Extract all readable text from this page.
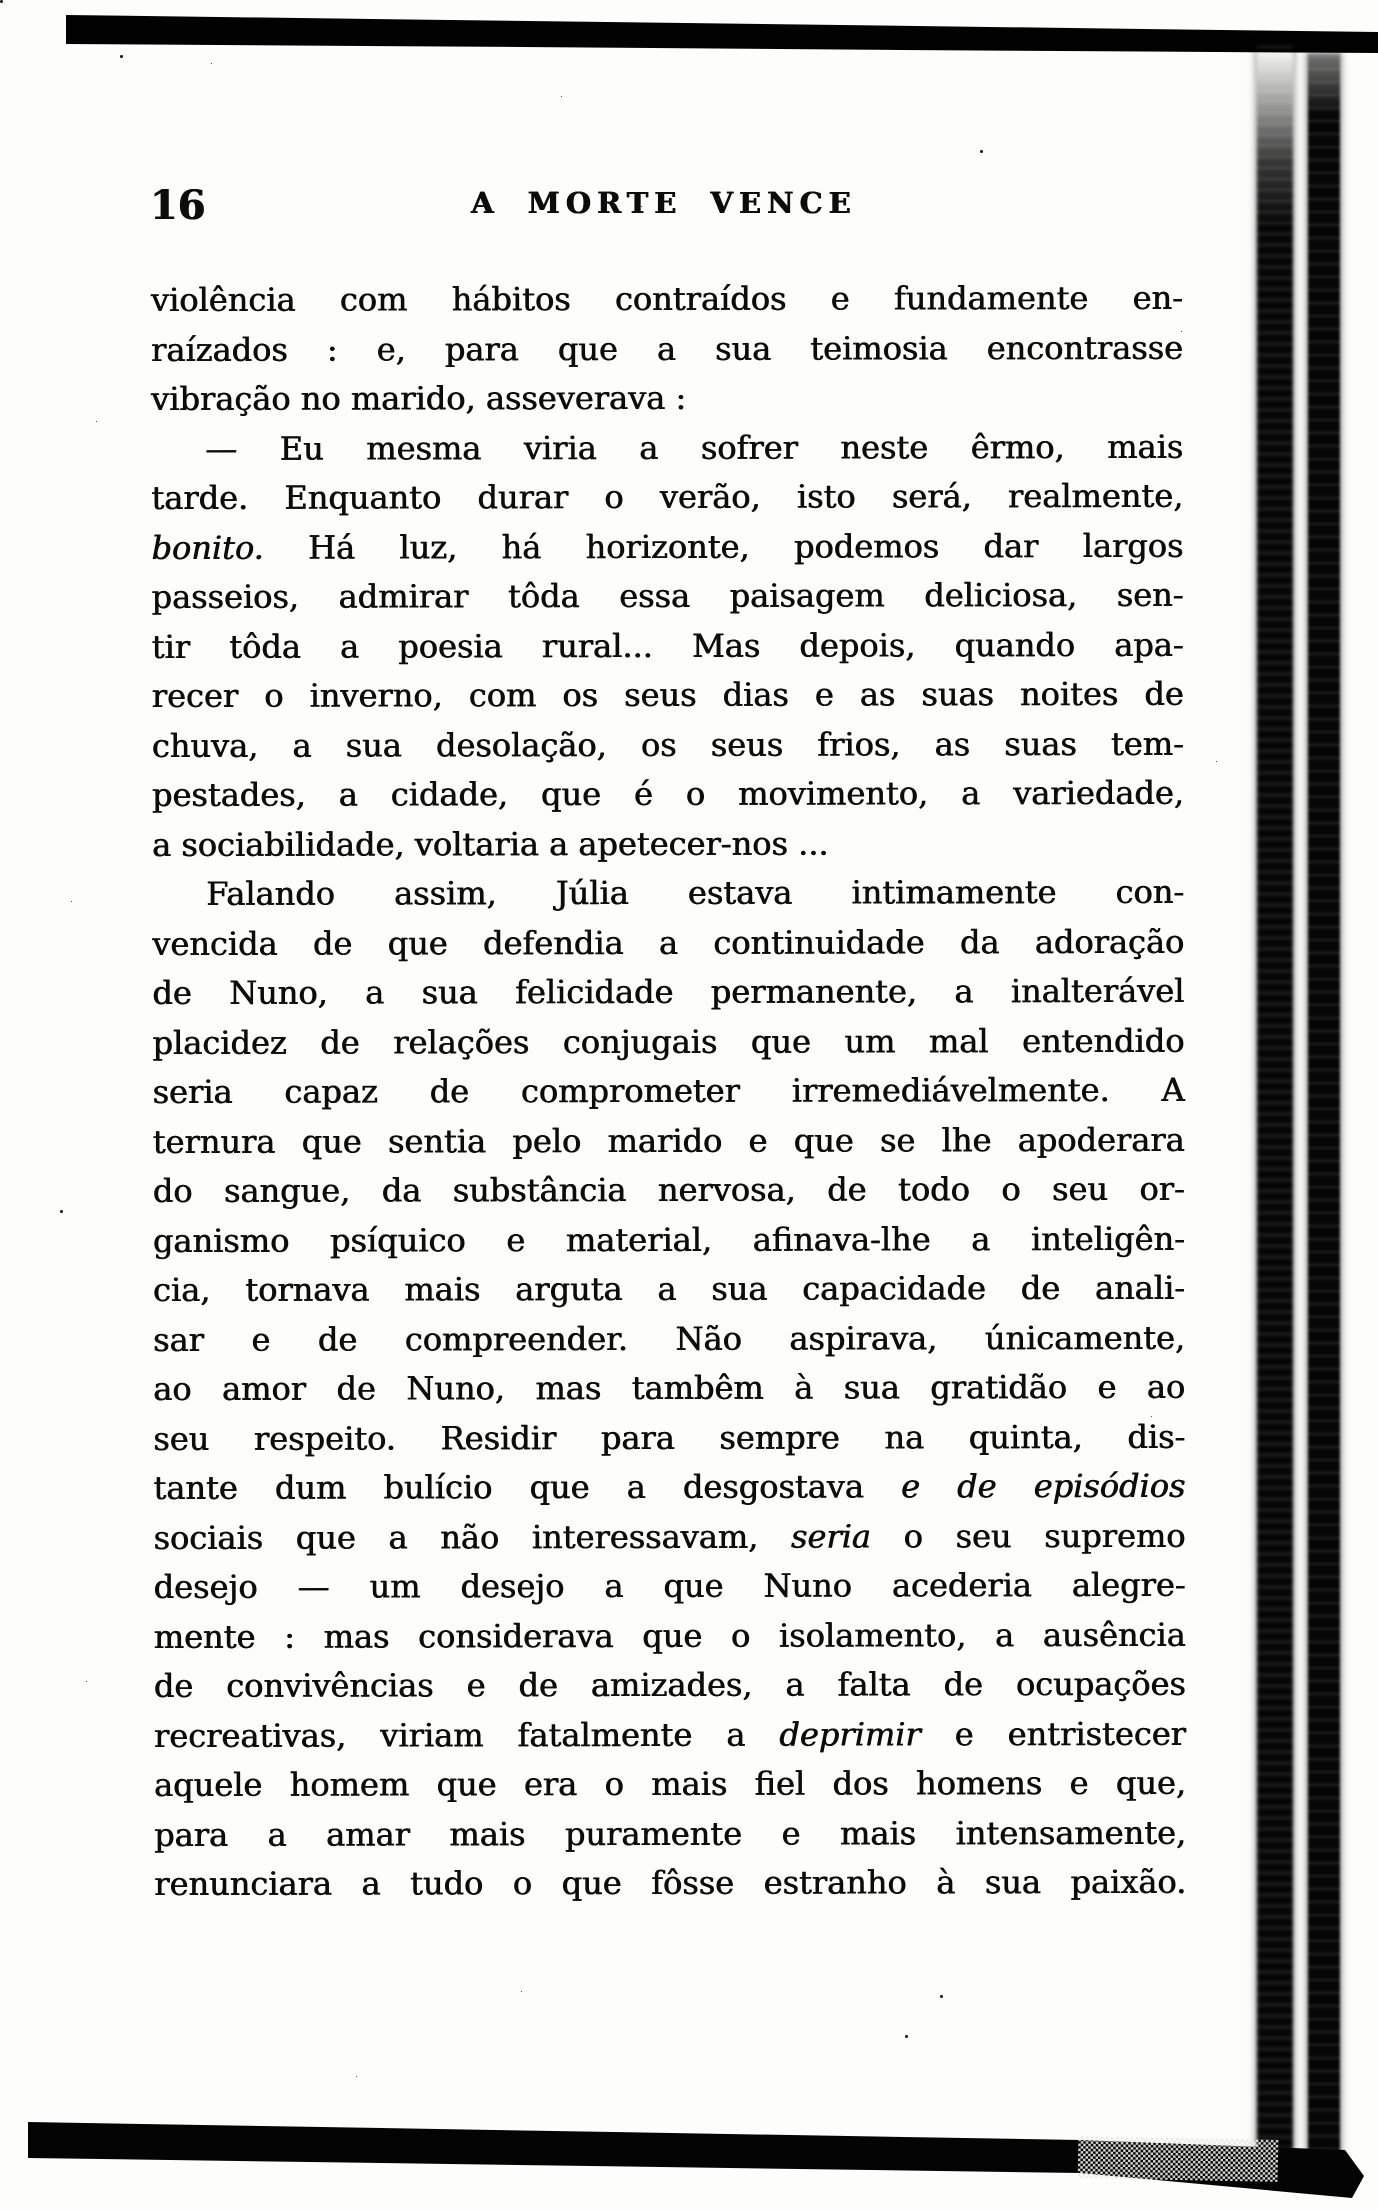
16	A MORTE VENCE
violência com hábitos contraídos e fundamente en-
raízados : e, para que a sua teimosia encontrasse
vibração no marido, asseverava :
— Eu mesma viria a sofrer neste êrmo, mais
tarde. Enquanto durar o verão, isto será, realmente,
bonito. Há luz, há horizonte, podemos dar largos
passeios, admirar tôda essa paisagem deliciosa, sen-
tir tôda a poesia rural... Mas depois, quando apa-
recer o inverno, com os seus dias e as suas noites de
chuva, a sua desolação, os seus frios, as suas tem-
pestades, a cidade, que é o movimento, a variedade,
a sociabilidade, voltaria a apetecer-nos ...
Falando assim, Júlia estava intimamente con-
vencida de que defendia a continuidade da adoração
de Nuno, a sua felicidade permanente, a inalterável
placidez de relações conjugais que um mal entendido
seria capaz de comprometer irremediávelmente. A
ternura que sentia pelo marido e que se lhe apoderara
do sangue, da substância nervosa, de todo o seu or-
ganismo psíquico e material, afinava-lhe a inteligên-
cia, tornava mais arguta a sua capacidade de anali-
sar e de compreender. Não aspirava, únicamente,
ao amor de Nuno, mas tambêm à sua gratidão e ao
seu respeito. Residir para sempre na quinta, dis-
tante dum bulício que a desgostava e de episódios
sociais que a não interessavam, seria o seu supremo
desejo — um desejo a que Nuno acederia alegre-
mente : mas considerava que o isolamento, a ausência
de convivências e de amizades, a falta de ocupações
recreativas, viriam fatalmente a deprimir e entristecer
aquele homem que era o mais fiel dos homens e que,
para a amar mais puramente e mais intensamente,
renunciara a tudo o que fôsse estranho à sua paixão.
